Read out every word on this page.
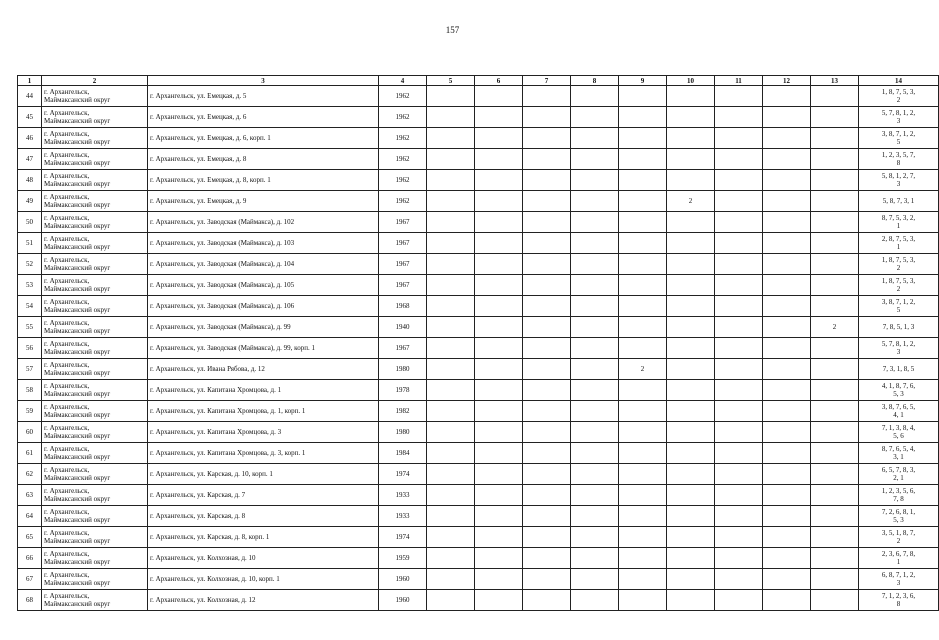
157
1	2	3	4	5	6	7	8	9	10	11	12	13	14
44	г. Архангельск,
Маймаксанский округ	г. Архангельск, ул. Емецкая, д. 5	1962										1, 8, 7, 5, 3,
2
45	г. Архангельск,
Маймаксанский округ	г. Архангельск, ул. Емецкая, д. 6	1962										5, 7, 8, 1, 2,
3
46	г. Архангельск,
Маймаксанский округ	г. Архангельск, ул. Емецкая, д. 6, корп. 1	1962										3, 8, 7, 1, 2,
5
47	г. Архангельск,
Маймаксанский округ	г. Архангельск, ул. Емецкая, д. 8	1962										1, 2, 3, 5, 7,
8
48	г. Архангельск,
Маймаксанский округ	г. Архангельск, ул. Емецкая, д. 8, корп. 1	1962										5, 8, 1, 2, 7,
3
49	г. Архангельск,
Маймаксанский округ	г. Архангельск, ул. Емецкая, д. 9	1962						2				5, 8, 7, 3, 1
50	г. Архангельск,
Маймаксанский округ	г. Архангельск, ул. Заводская (Маймакса), д. 102	1967										8, 7, 5, 3, 2,
1
51	г. Архангельск,
Маймаксанский округ	г. Архангельск, ул. Заводская (Маймакса), д. 103	1967										2, 8, 7, 5, 3,
1
52	г. Архангельск,
Маймаксанский округ	г. Архангельск, ул. Заводская (Маймакса), д. 104	1967										1, 8, 7, 5, 3,
2
53	г. Архангельск,
Маймаксанский округ	г. Архангельск, ул. Заводская (Маймакса), д. 105	1967										1, 8, 7, 5, 3,
2
54	г. Архангельск,
Маймаксанский округ	г. Архангельск, ул. Заводская (Маймакса), д. 106	1968										3, 8, 7, 1, 2,
5
55	г. Архангельск,
Маймаксанский округ	г. Архангельск, ул. Заводская (Маймакса), д. 99	1940									2	7, 8, 5, 1, 3
56	г. Архангельск,
Маймаксанский округ	г. Архангельск, ул. Заводская (Маймакса), д. 99, корп. 1	1967										5, 7, 8, 1, 2,
3
57	г. Архангельск,
Маймаксанский округ	г. Архангельск, ул. Ивана Рябова, д. 12	1980					2					7, 3, 1, 8, 5
58	г. Архангельск,
Маймаксанский округ	г. Архангельск, ул. Капитана Хромцова, д. 1	1978										4, 1, 8, 7, 6,
5, 3
59	г. Архангельск,
Маймаксанский округ	г. Архангельск, ул. Капитана Хромцова, д. 1, корп. 1	1982										3, 8, 7, 6, 5,
4, 1
60	г. Архангельск,
Маймаксанский округ	г. Архангельск, ул. Капитана Хромцова, д. 3	1980										7, 1, 3, 8, 4,
5, 6
61	г. Архангельск,
Маймаксанский округ	г. Архангельск, ул. Капитана Хромцова, д. 3, корп. 1	1984										8, 7, 6, 5, 4,
3, 1
62	г. Архангельск,
Маймаксанский округ	г. Архангельск, ул. Карская, д. 10, корп. 1	1974										6, 5, 7, 8, 3,
2, 1
63	г. Архангельск,
Маймаксанский округ	г. Архангельск, ул. Карская, д. 7	1933										1, 2, 3, 5, 6,
7, 8
64	г. Архангельск,
Маймаксанский округ	г. Архангельск, ул. Карская, д. 8	1933										7, 2, 6, 8, 1,
5, 3
65	г. Архангельск,
Маймаксанский округ	г. Архангельск, ул. Карская, д. 8, корп. 1	1974										3, 5, 1, 8, 7,
2
66	г. Архангельск,
Маймаксанский округ	г. Архангельск, ул. Колхозная, д. 10	1959										2, 3, 6, 7, 8,
1
67	г. Архангельск,
Маймаксанский округ	г. Архангельск, ул. Колхозная, д. 10, корп. 1	1960										6, 8, 7, 1, 2,
3
68	г. Архангельск,
Маймаксанский округ	г. Архангельск, ул. Колхозная, д. 12	1960										7, 1, 2, 3, 6,
8
